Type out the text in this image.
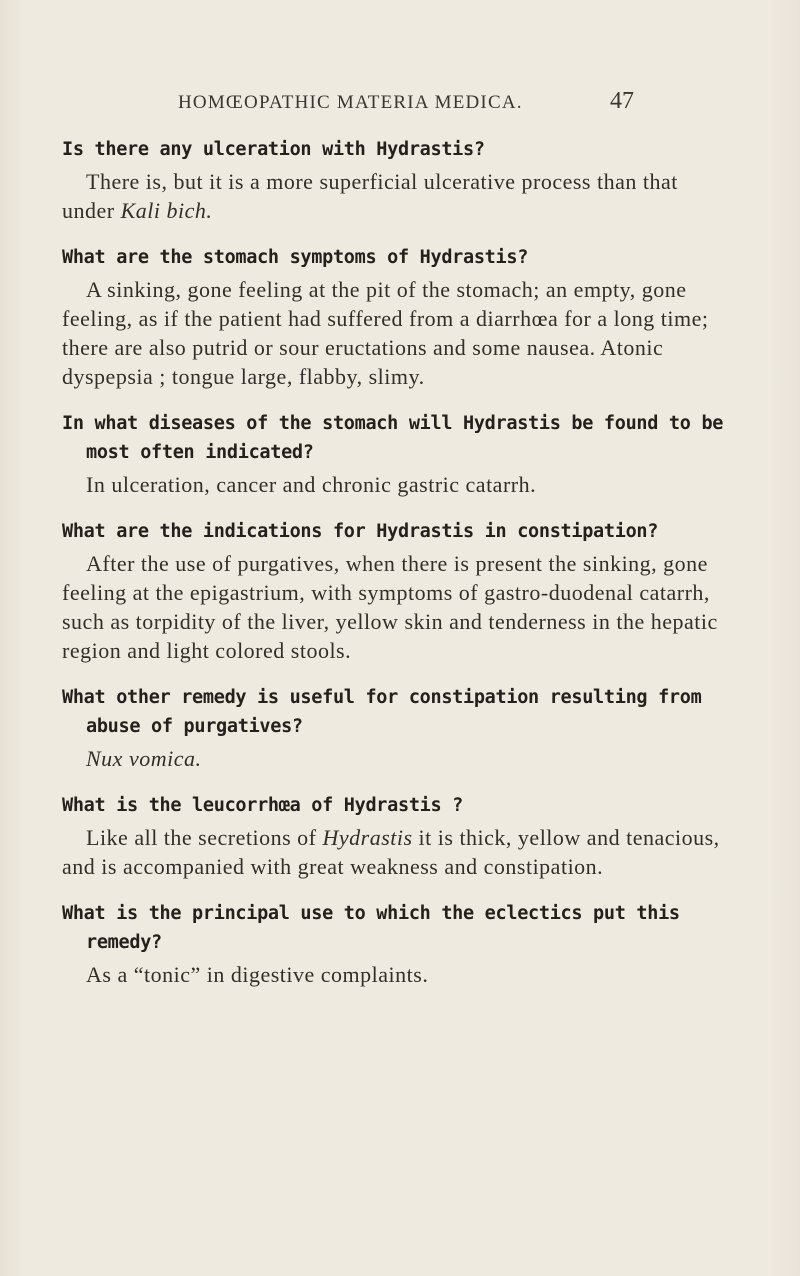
HOMŒOPATHIC MATERIA MEDICA.	47

Is there any ulceration with Hydrastis?

There is, but it is a more superficial ulcerative process than that under Kali bich.

What are the stomach symptoms of Hydrastis?

A sinking, gone feeling at the pit of the stomach; an empty, gone feeling, as if the patient had suffered from a diarrhœa for a long time; there are also putrid or sour eructations and some nausea. Atonic dyspepsia ; tongue large, flabby, slimy.

In what diseases of the stomach will Hydrastis be found to be most often indicated?

In ulceration, cancer and chronic gastric catarrh.

What are the indications for Hydrastis in constipation?

After the use of purgatives, when there is present the sinking, gone feeling at the epigastrium, with symptoms of gastro-duodenal catarrh, such as torpidity of the liver, yellow skin and tenderness in the hepatic region and light colored stools.

What other remedy is useful for constipation resulting from abuse of purgatives?

Nux vomica.

What is the leucorrhœa of Hydrastis ?

Like all the secretions of Hydrastis it is thick, yellow and tenacious, and is accompanied with great weakness and constipation.

What is the principal use to which the eclectics put this remedy?

As a “tonic” in digestive complaints.
